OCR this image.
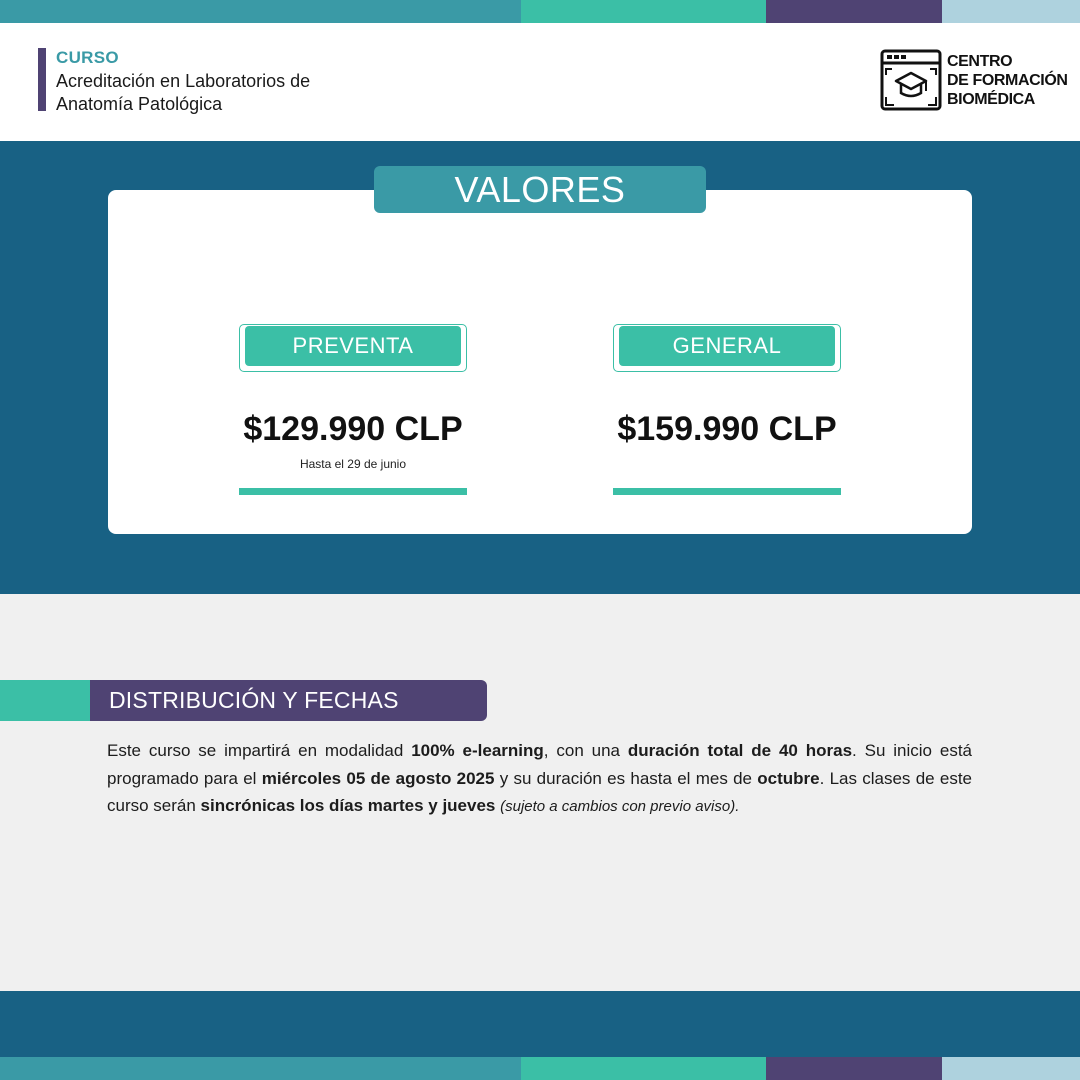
CURSO
Acreditación en Laboratorios de Anatomía Patológica
CENTRO
DE FORMACIÓN
BIOMÉDICA
PREVENTA
$129.990 CLP
Hasta el 29 de junio
GENERAL
$159.990 CLP
VALORES
DISTRIBUCIÓN Y FECHAS
Este curso se impartirá en modalidad 100% e-learning, con una duración total de 40 horas. Su inicio está programado para el miércoles 05 de agosto 2025 y su duración es hasta el mes de octubre. Las clases de este curso serán sincrónicas los días martes y jueves (sujeto a cambios con previo aviso).
